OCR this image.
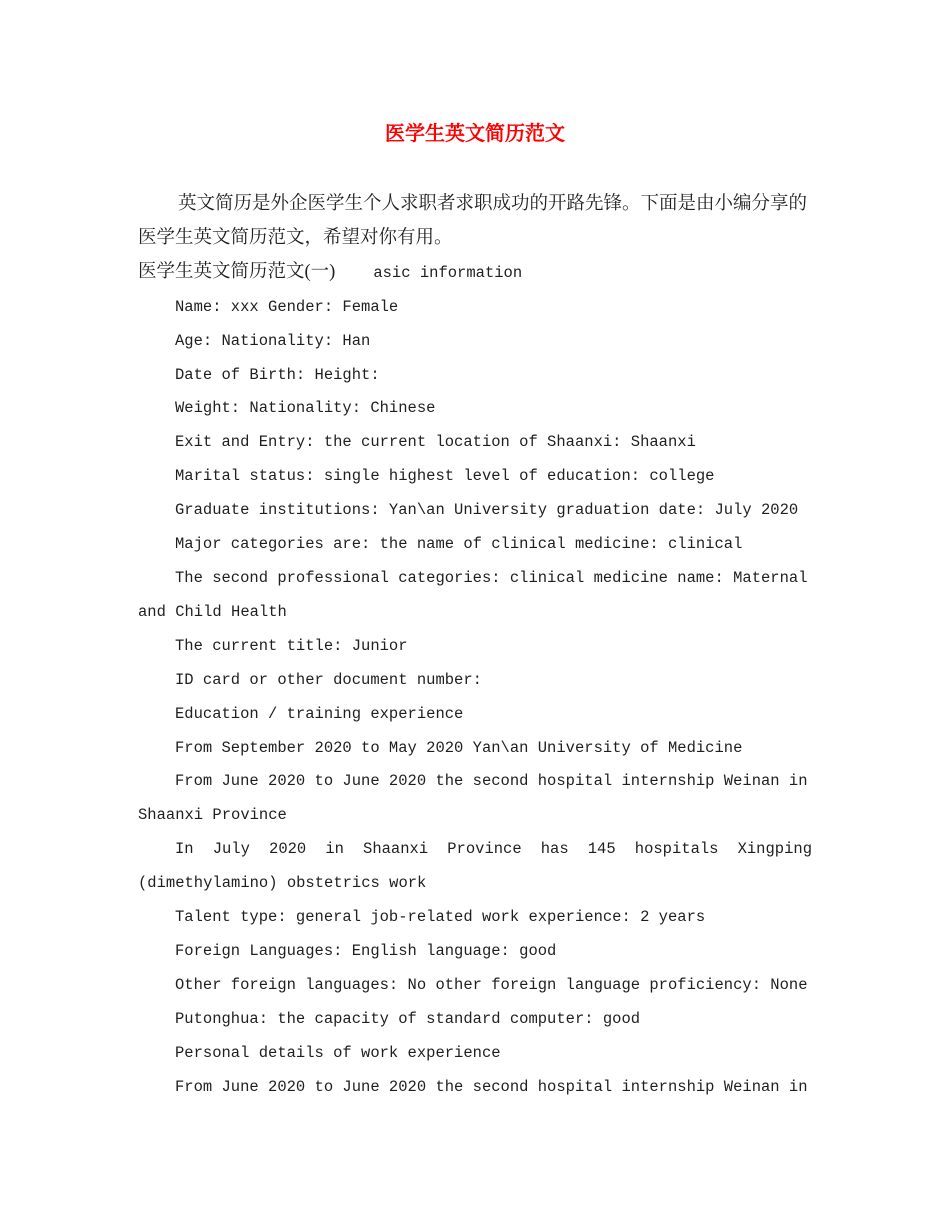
医学生英文简历范文
英文简历是外企医学生个人求职者求职成功的开路先锋。下面是由小编分享的
医学生英文简历范文，希望对你有用。
医学生英文简历范文(一) asic information
Name: xxx Gender: Female
Age: Nationality: Han
Date of Birth: Height:
Weight: Nationality: Chinese
Exit and Entry: the current location of Shaanxi: Shaanxi
Marital status: single highest level of education: college
Graduate institutions: Yan\an University graduation date: July 2020
Major categories are: the name of clinical medicine: clinical
The second professional categories: clinical medicine name: Maternal
and Child Health
The current title: Junior
ID card or other document number:
Education / training experience
From September 2020 to May 2020 Yan\an University of Medicine
From June 2020 to June 2020 the second hospital internship Weinan in
Shaanxi Province
In July 2020 in Shaanxi Province has 145 hospitals Xingping
(dimethylamino) obstetrics work
Talent type: general job-related work experience: 2 years
Foreign Languages: English language: good
Other foreign languages: No other foreign language proficiency: None
Putonghua: the capacity of standard computer: good
Personal details of work experience
From June 2020 to June 2020 the second hospital internship Weinan in
